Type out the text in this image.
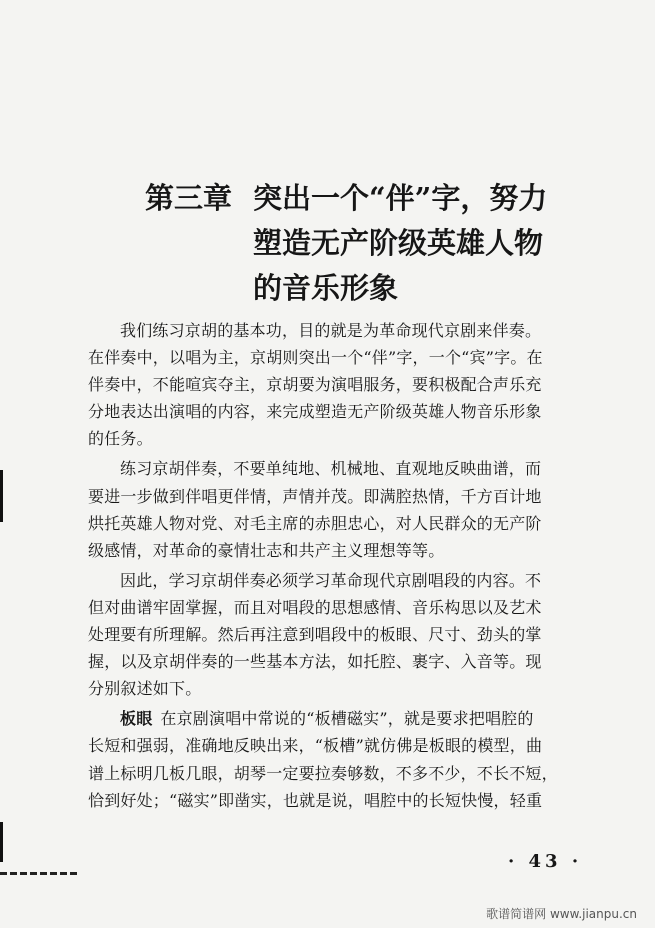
第三章 突出一个“伴”字，努力
塑造无产阶级英雄人物
的音乐形象
我们练习京胡的基本功，目的就是为革命现代京剧来伴奏。
在伴奏中，以唱为主，京胡则突出一个“伴”字，一个“宾”字。在
伴奏中，不能喧宾夺主，京胡要为演唱服务，要积极配合声乐充
分地表达出演唱的内容，来完成塑造无产阶级英雄人物音乐形象
的任务。
练习京胡伴奏，不要单纯地、机械地、直观地反映曲谱，而
要进一步做到伴唱更伴情，声情并茂。即满腔热情，千方百计地
烘托英雄人物对党、对毛主席的赤胆忠心，对人民群众的无产阶
级感情，对革命的豪情壮志和共产主义理想等等。
因此，学习京胡伴奏必须学习革命现代京剧唱段的内容。不
但对曲谱牢固掌握，而且对唱段的思想感情、音乐构思以及艺术
处理要有所理解。然后再注意到唱段中的板眼、尺寸、劲头的掌
握，以及京胡伴奏的一些基本方法，如托腔、裹字、入音等。现
分别叙述如下。
板眼 在京剧演唱中常说的“板槽磁实”，就是要求把唱腔的
长短和强弱，准确地反映出来，“板槽”就仿佛是板眼的模型，曲
谱上标明几板几眼，胡琴一定要拉奏够数，不多不少，不长不短，
恰到好处；“磁实”即凿实，也就是说，唱腔中的长短快慢，轻重
· 43 ·
歌谱简谱网 www.jianpu.cn
